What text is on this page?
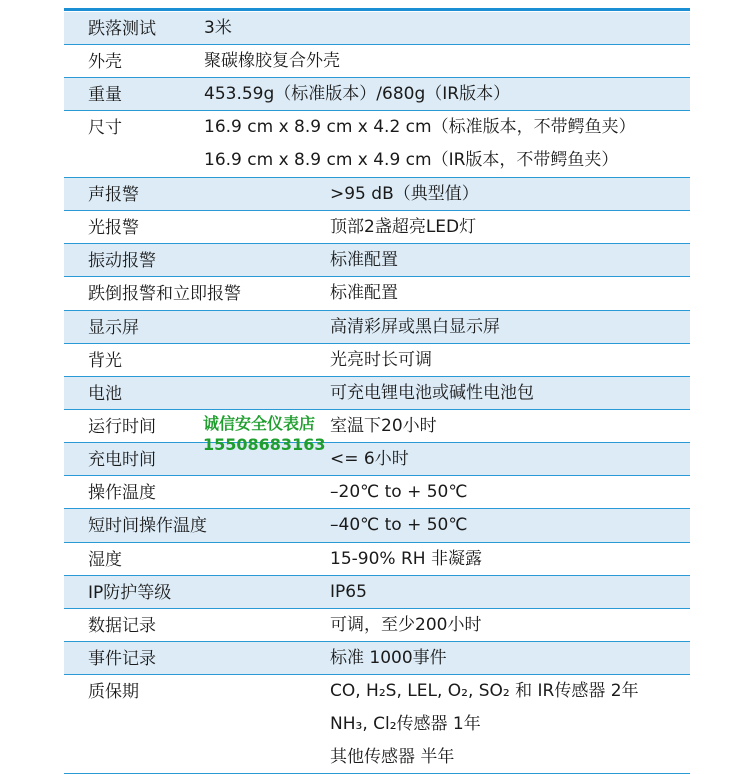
跌落测试	3米
外壳	聚碳橡胶复合外壳
重量	453.59g（标准版本）/680g（IR版本）
尺寸	16.9 cm x 8.9 cm x 4.2 cm（标准版本，不带鳄鱼夹）
16.9 cm x 8.9 cm x 4.9 cm（IR版本，不带鳄鱼夹）
声报警	>95 dB（典型值）
光报警	顶部2盏超亮LED灯
振动报警	标准配置
跌倒报警和立即报警	标准配置
显示屏	高清彩屏或黑白显示屏
背光	光亮时长可调
电池	可充电锂电池或碱性电池包
运行时间	室温下20小时
充电时间	<= 6小时
操作温度	–20℃ to + 50℃
短时间操作温度	–40℃ to + 50℃
湿度	15-90% RH 非凝露
IP防护等级	IP65
数据记录	可调，至少200小时
事件记录	标准 1000事件
质保期	CO, H₂S, LEL, O₂, SO₂ 和 IR传感器 2年
NH₃, Cl₂传感器 1年
其他传感器 半年
诚信安全仪表店
15508683163
